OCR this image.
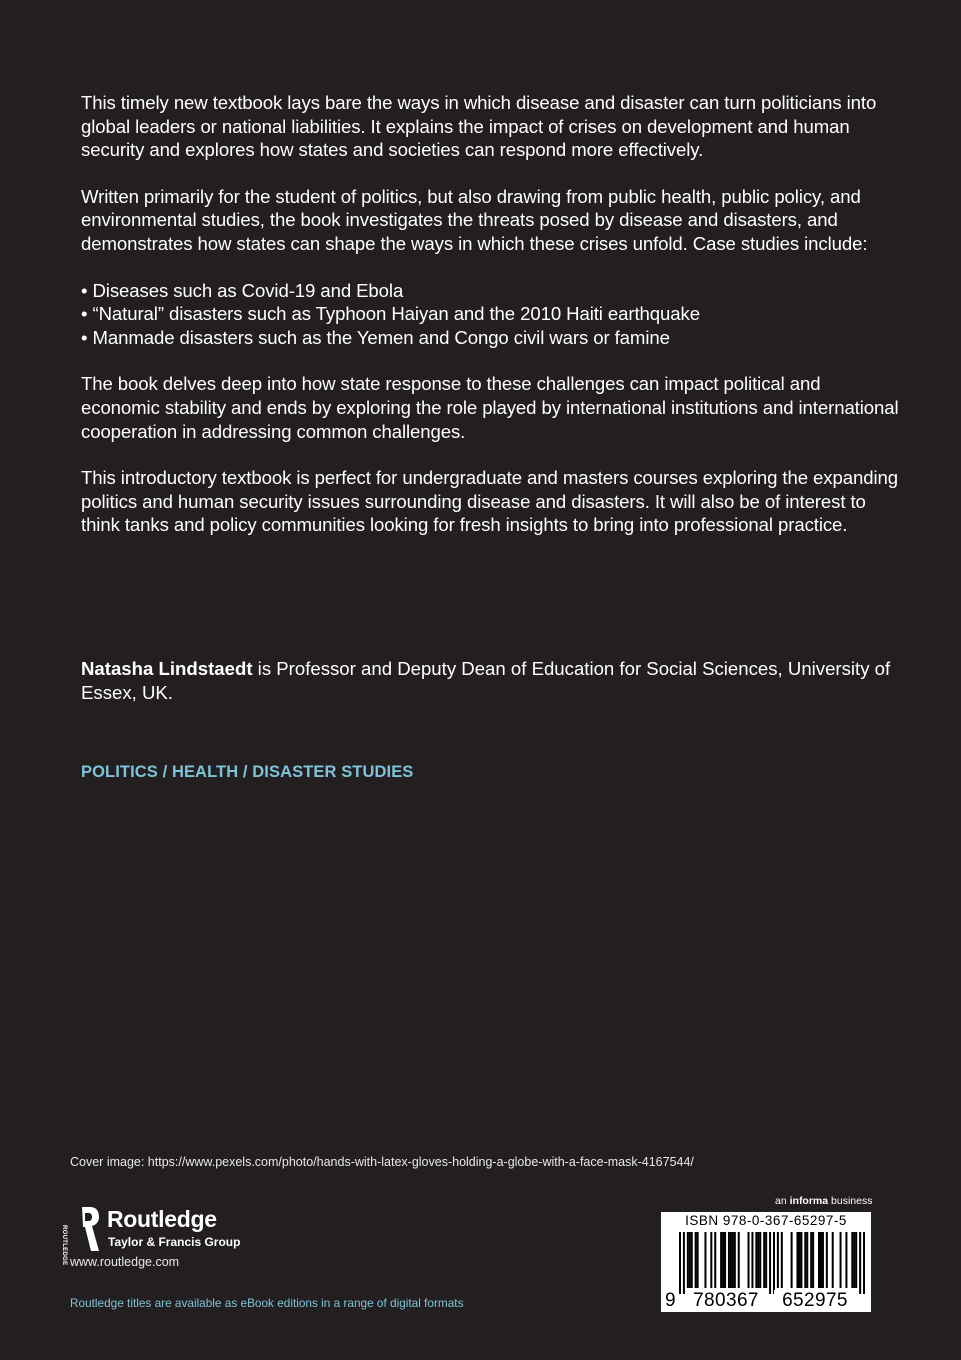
This timely new textbook lays bare the ways in which disease and disaster can turn politicians into global leaders or national liabilities. It explains the impact of crises on development and human security and explores how states and societies can respond more effectively.

Written primarily for the student of politics, but also drawing from public health, public policy, and environmental studies, the book investigates the threats posed by disease and disasters, and demonstrates how states can shape the ways in which these crises unfold. Case studies include:

• Diseases such as Covid-19 and Ebola
• “Natural” disasters such as Typhoon Haiyan and the 2010 Haiti earthquake
• Manmade disasters such as the Yemen and Congo civil wars or famine

The book delves deep into how state response to these challenges can impact political and economic stability and ends by exploring the role played by international institutions and international cooperation in addressing common challenges.

This introductory textbook is perfect for undergraduate and masters courses exploring the expanding politics and human security issues surrounding disease and disasters. It will also be of interest to think tanks and policy communities looking for fresh insights to bring into professional practice.

Natasha Lindstaedt is Professor and Deputy Dean of Education for Social Sciences, University of Essex, UK.
POLITICS / HEALTH / DISASTER STUDIES
Cover image: https://www.pexels.com/photo/hands-with-latex-gloves-holding-a-globe-with-a-face-mask-4167544/
ROUTLEDGE
Routledge
Taylor & Francis Group
www.routledge.com
Routledge titles are available as eBook editions in a range of digital formats
an informa business
ISBN 978-0-367-65297-5
9 780367	652975
